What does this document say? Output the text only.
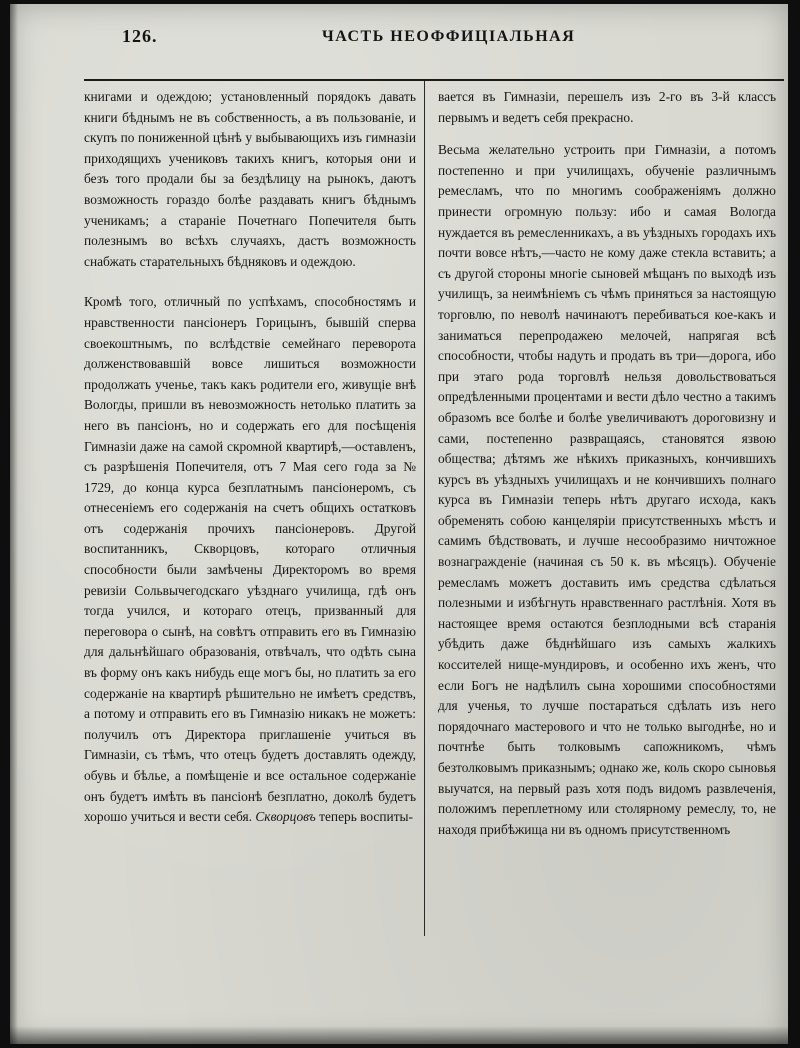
126.	ЧАСТЬ НЕОФФИЦІАЛЬНАЯ

книгами и одеждою; установленный порядокъ давать книги бѣднымъ не въ собственность, а въ пользованіе, и скупъ по пониженной цѣнѣ у выбывающихъ изъ гимназіи приходящихъ учениковъ такихъ книгъ, которыя они и безъ того продали бы за бездѣлицу на рынокъ, даютъ возможность гораздо болѣе раздавать книгъ бѣднымъ ученикамъ; а стараніе Почетнаго Попечителя быть полезнымъ во всѣхъ случаяхъ, дастъ возможность снабжать старательныхъ бѣдняковъ и одеждою.

Кромѣ того, отличный по успѣхамъ, способностямъ и нравственности пансіонеръ Горицынъ, бывшій сперва своекоштнымъ, по вслѣдствіе семейнаго переворота долженствовавшій вовсе лишиться возможности продолжать ученье, такъ какъ родители его, живущіе внѣ Вологды, пришли въ невозможность нетолько платить за него въ пансіонъ, но и содержать его для посѣщенія Гимназіи даже на самой скромной квартирѣ,—оставленъ, съ разрѣшенія Попечителя, отъ 7 Мая сего года за № 1729, до конца курса безплатнымъ пансіонеромъ, съ отнесеніемъ его содержанія на счетъ общихъ остатковъ отъ содержанія прочихъ пансіонеровъ. Другой воспитанникъ, Скворцовъ, котораго отличныя способности были замѣчены Директоромъ во время ревизіи Сольвычегодскаго уѣзднаго училища, гдѣ онъ тогда учился, и котораго отецъ, призванный для переговора о сынѣ, на совѣтъ отправить его въ Гимназію для дальнѣйшаго образованія, отвѣчалъ, что одѣть сына въ форму онъ какъ нибудь еще могъ бы, но платить за его содержаніе на квартирѣ рѣшительно не имѣетъ средствъ, а потому и отправить его въ Гимназію никакъ не можетъ: получилъ отъ Директора приглашеніе учиться въ Гимназіи, съ тѣмъ, что отецъ будетъ доставлять одежду, обувь и бѣлье, а помѣщеніе и все остальное содержаніе онъ будетъ имѣть въ пансіонѣ безплатно, доколѣ будетъ хорошо учиться и вести себя. Скворцовъ теперь воспиты-

вается въ Гимназіи, перешелъ изъ 2-го въ 3-й классъ первымъ и ведетъ себя прекрасно.

Весьма желательно устроить при Гимназіи, а потомъ постепенно и при училищахъ, обученіе различнымъ ремесламъ, что по многимъ соображеніямъ должно принести огромную пользу: ибо и самая Вологда нуждается въ ремесленникахъ, а въ уѣздныхъ городахъ ихъ почти вовсе нѣтъ,—часто не кому даже стекла вставить; а съ другой стороны многіе сыновей мѣщанъ по выходѣ изъ училищъ, за неимѣніемъ съ чѣмъ приняться за настоящую торговлю, по неволѣ начинаютъ перебиваться кое-какъ и заниматься перепродажею мелочей, напрягая всѣ способности, чтобы надуть и продать въ три—дорога, ибо при этаго рода торговлѣ нельзя довольствоваться опредѣленными процентами и вести дѣло честно а такимъ образомъ все болѣе и болѣе увеличиваютъ дороговизну и сами, постепенно развращаясь, становятся язвою общества; дѣтямъ же нѣкихъ приказныхъ, кончившихъ курсъ въ уѣздныхъ училищахъ и не кончившихъ полнаго курса въ Гимназіи теперь нѣтъ другаго исхода, какъ обременять собою канцеляріи присутственныхъ мѣстъ и самимъ бѣдствовать, и лучше несообразимо ничтожное вознагражденіе (начиная съ 50 к. въ мѣсяцъ). Обученіе ремесламъ можетъ доставить имъ средства сдѣлаться полезными и избѣгнуть нравственнаго растлѣнія. Хотя въ настоящее время остаются безплодными всѣ старанія убѣдить даже бѣднѣйшаго изъ самыхъ жалкихъ коссителей нище-мундировъ, и особенно ихъ женъ, что если Богъ не надѣлилъ сына хорошими способностями для ученья, то лучше постараться сдѣлать изъ него порядочнаго мастерового и что не только выгоднѣе, но и почтнѣе быть толковымъ сапожникомъ, чѣмъ безтолковымъ приказнымъ; однако же, коль скоро сыновья выучатся, на первый разъ хотя подъ видомъ развлеченія, положимъ переплетному или столярному ремеслу, то, не находя прибѣжища ни въ одномъ присутственномъ
